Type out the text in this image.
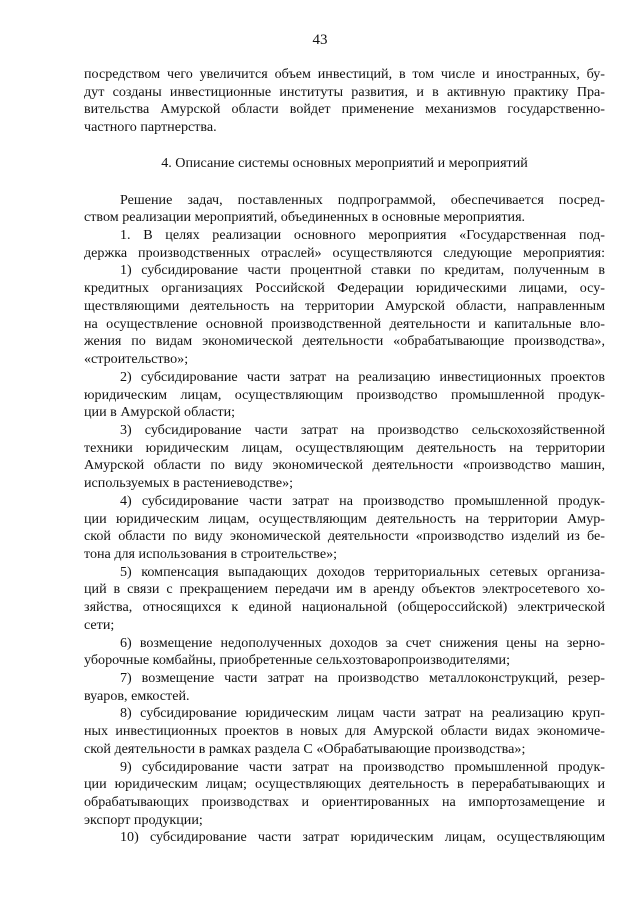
43
посредством чего увеличится объем инвестиций, в том числе и иностранных, бу-
дут созданы инвестиционные институты развития, и в активную практику Пра-
вительства Амурской области войдет применение механизмов государственно-
частного партнерства.
4. Описание системы основных мероприятий и мероприятий
Решение задач, поставленных подпрограммой, обеспечивается посред-
ством реализации мероприятий, объединенных в основные мероприятия.
1. В целях реализации основного мероприятия «Государственная под-
держка производственных отраслей» осуществляются следующие мероприятия:
1) субсидирование части процентной ставки по кредитам, полученным в
кредитных организациях Российской Федерации юридическими лицами, осу-
ществляющими деятельность на территории Амурской области, направленным
на осуществление основной производственной деятельности и капитальные вло-
жения по видам экономической деятельности «обрабатывающие производства»,
«строительство»;
2) субсидирование части затрат на реализацию инвестиционных проектов
юридическим лицам, осуществляющим производство промышленной продук-
ции в Амурской области;
3) субсидирование части затрат на производство сельскохозяйственной
техники юридическим лицам, осуществляющим деятельность на территории
Амурской области по виду экономической деятельности «производство машин,
используемых в растениеводстве»;
4) субсидирование части затрат на производство промышленной продук-
ции юридическим лицам, осуществляющим деятельность на территории Амур-
ской области по виду экономической деятельности «производство изделий из бе-
тона для использования в строительстве»;
5) компенсация выпадающих доходов территориальных сетевых организа-
ций в связи с прекращением передачи им в аренду объектов электросетевого хо-
зяйства, относящихся к единой национальной (общероссийской) электрической
сети;
6) возмещение недополученных доходов за счет снижения цены на зерно-
уборочные комбайны, приобретенные сельхозтоваропроизводителями;
7) возмещение части затрат на производство металлоконструкций, резер-
вуаров, емкостей.
8) субсидирование юридическим лицам части затрат на реализацию круп-
ных инвестиционных проектов в новых для Амурской области видах экономиче-
ской деятельности в рамках раздела С «Обрабатывающие производства»;
9) субсидирование части затрат на производство промышленной продук-
ции юридическим лицам; осуществляющих деятельность в перерабатывающих и
обрабатывающих производствах и ориентированных на импортозамещение и
экспорт продукции;
10) субсидирование части затрат юридическим лицам, осуществляющим
